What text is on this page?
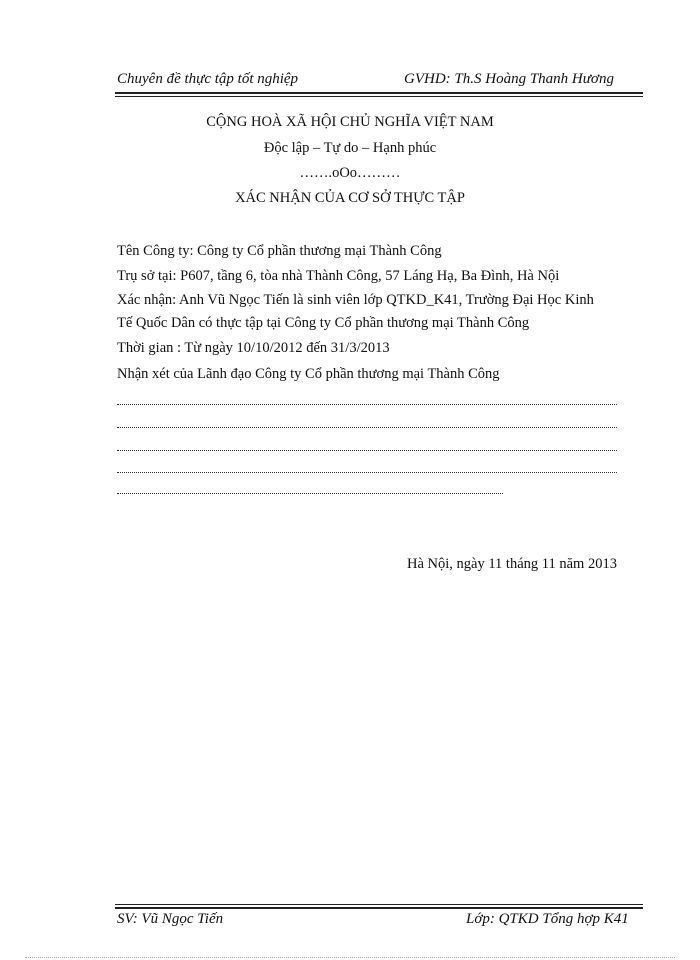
Chuyên đề thực tập tốt nghiệp	GVHD: Th.S Hoàng Thanh Hương
CỘNG HOÀ XÃ HỘI CHỦ NGHĨA VIỆT NAM
Độc lập – Tự do – Hạnh phúc
…….oOo………
XÁC NHẬN CỦA CƠ SỞ THỰC TẬP
Tên Công ty: Công ty Cổ phần thương mại Thành Công
Trụ sở tại: P607, tầng 6, tòa nhà Thành Công, 57 Láng Hạ, Ba Đình, Hà Nội
Xác nhận: Anh Vũ Ngọc Tiến là sinh viên lớp QTKD_K41, Trường Đại Học Kinh
Tế Quốc Dân có thực tập tại Công ty Cổ phần thương mại Thành Công
Thời gian : Từ ngày 10/10/2012 đến 31/3/2013
Nhận xét của Lãnh đạo Công ty Cổ phần thương mại Thành Công
Hà Nội, ngày 11 tháng 11 năm 2013
SV: Vũ Ngọc Tiến	Lớp: QTKD Tổng hợp K41
